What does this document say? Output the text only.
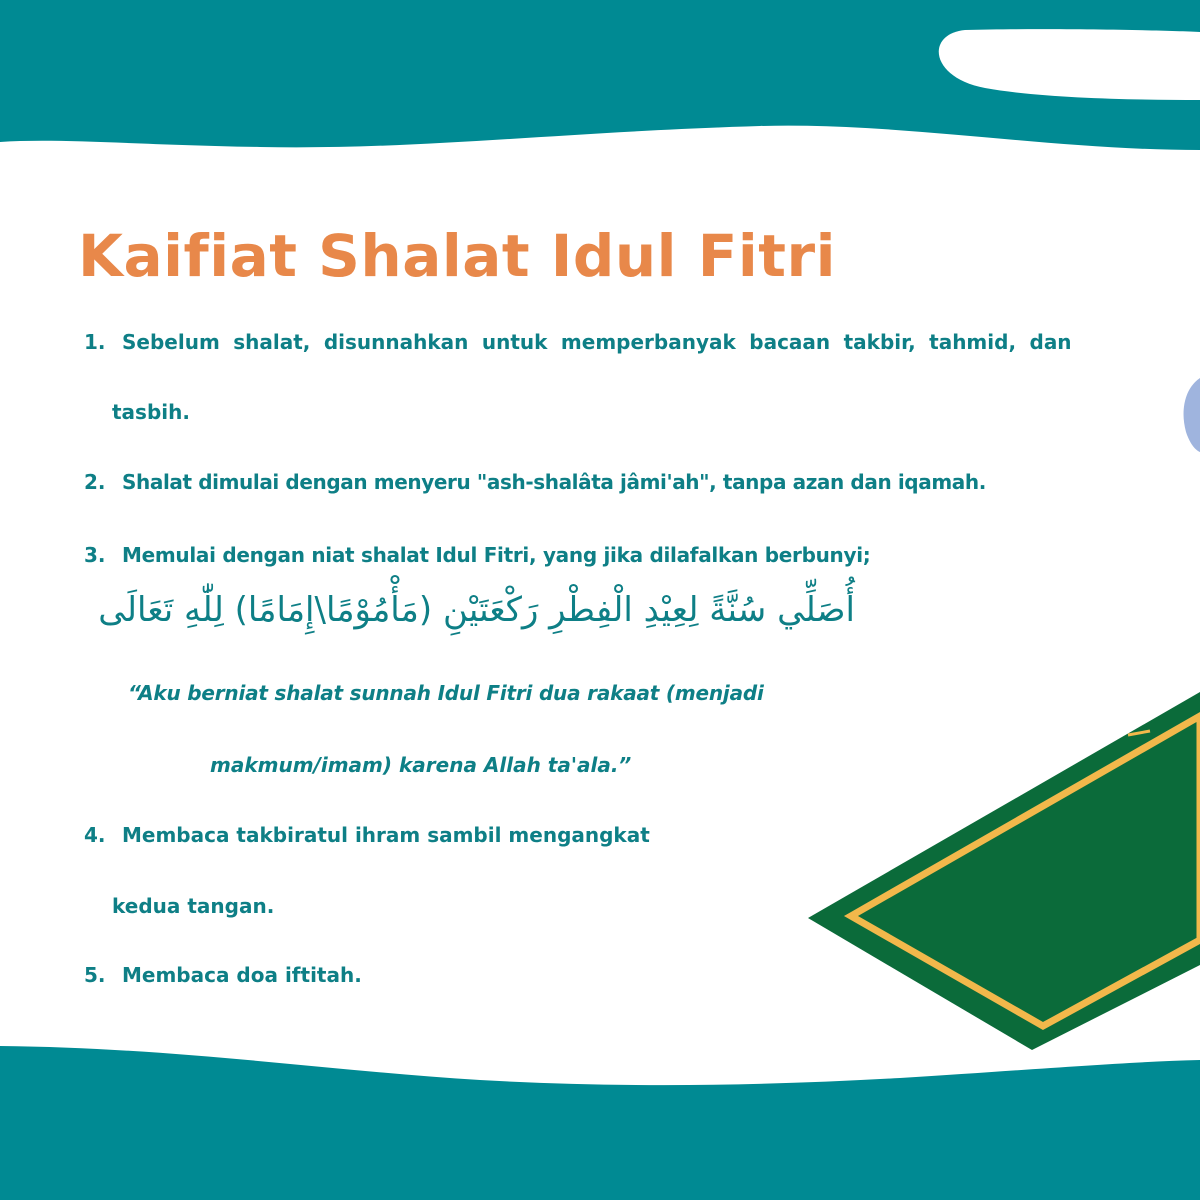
Kaifiat Shalat Idul Fitri
1. Sebelum shalat, disunnahkan untuk memperbanyak bacaan takbir, tahmid, dan
tasbih.
2. Shalat dimulai dengan menyeru "ash-shalâta jâmi'ah", tanpa azan dan iqamah.
3. Memulai dengan niat shalat Idul Fitri, yang jika dilafalkan berbunyi;
أُصَلِّي سُنَّةً لِعِيْدِ الْفِطْرِ رَكْعَتَيْنِ (مَأْمُوْمًا\إِمَامًا) لِلّٰهِ تَعَالَى
“Aku berniat shalat sunnah Idul Fitri dua rakaat (menjadi
makmum/imam) karena Allah ta'ala.”
4. Membaca takbiratul ihram sambil mengangkat
kedua tangan.
5. Membaca doa iftitah.
